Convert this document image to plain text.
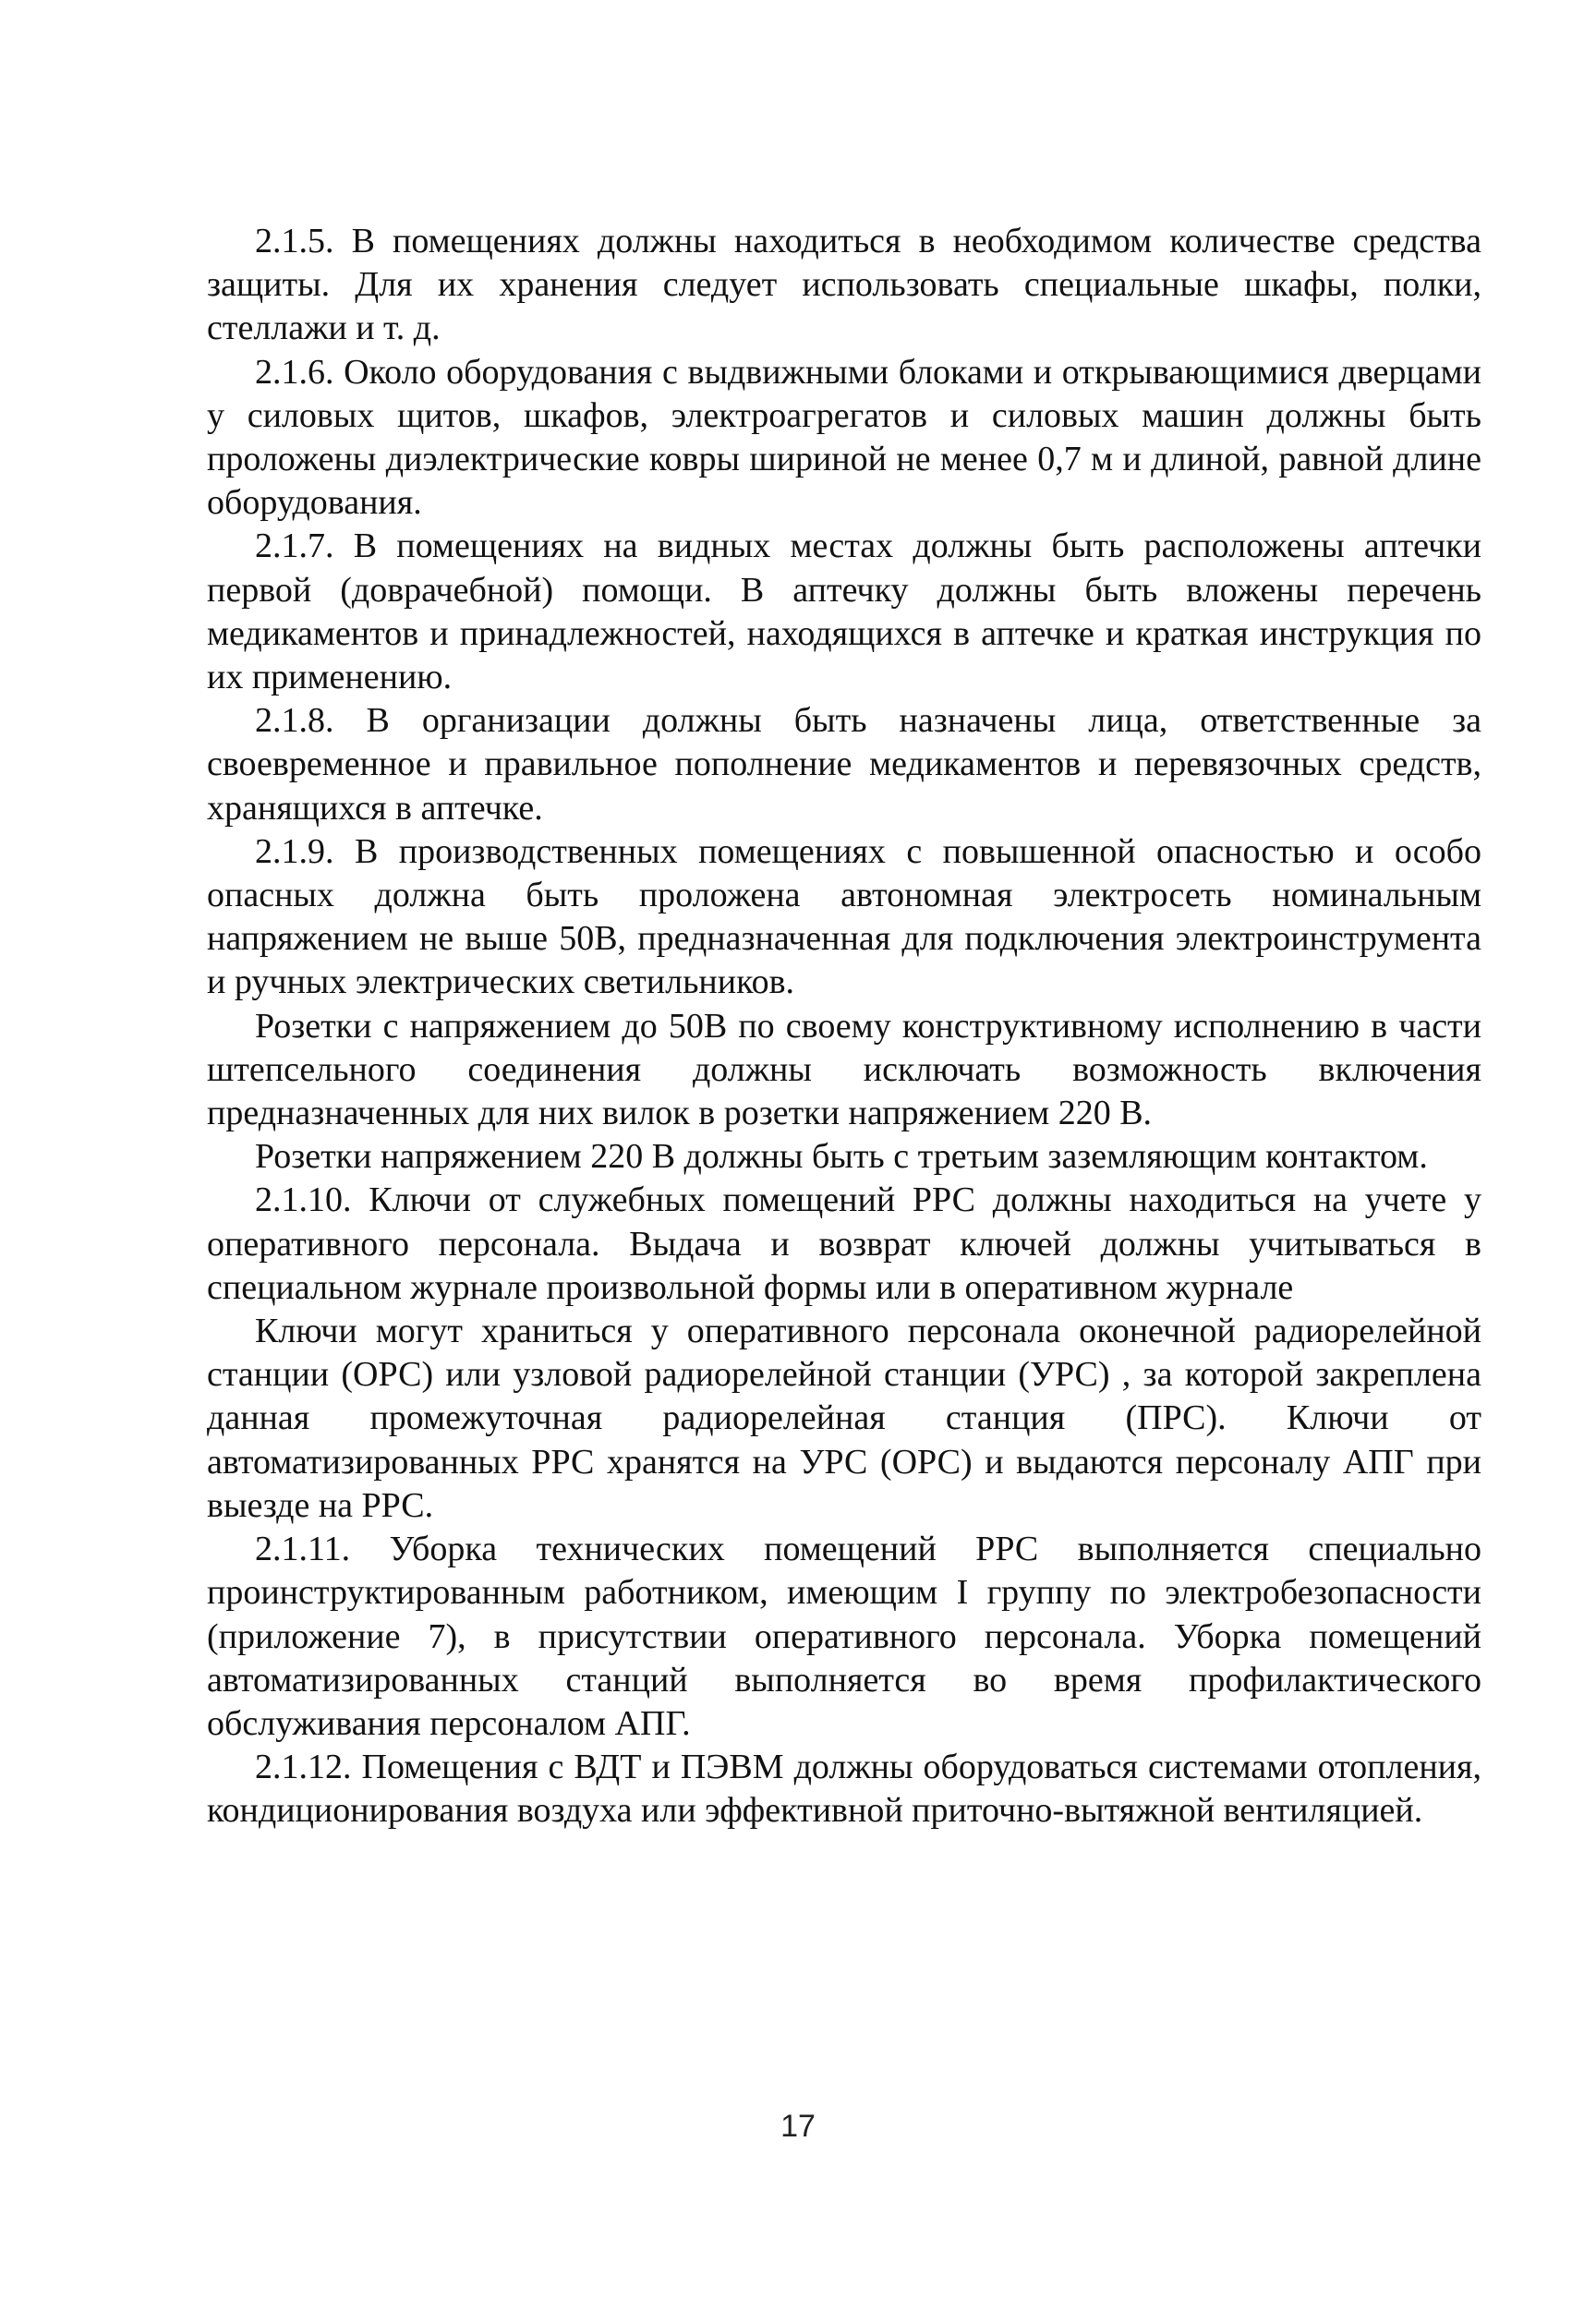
2.1.5. В помещениях должны находиться в необходимом количестве средства защиты. Для их хранения следует использовать специальные шкафы, полки, стеллажи и т. д.

2.1.6. Около оборудования с выдвижными блоками и открывающимися дверцами у силовых щитов, шкафов, электроагрегатов и силовых машин должны быть проложены диэлектрические ковры шириной не менее 0,7 м и длиной, равной длине оборудования.

2.1.7. В помещениях на видных местах должны быть расположены аптечки первой (доврачебной) помощи. В аптечку должны быть вложены перечень медикаментов и принадлежностей, находящихся в аптечке и краткая инструкция по их применению.

2.1.8. В организации должны быть назначены лица, ответственные за своевременное и правильное пополнение медикаментов и перевязочных средств, хранящихся в аптечке.

2.1.9. В производственных помещениях с повышенной опасностью и особо опасных должна быть проложена автономная электросеть номинальным напряжением не выше 50В, предназначенная для подключения электроинструмента и ручных электрических светильников.

Розетки с напряжением до 50В по своему конструктивному исполнению в части штепсельного соединения должны исключать возможность включения предназначенных для них вилок в розетки напряжением 220 В.

Розетки напряжением 220 В должны быть с третьим заземляющим контактом.

2.1.10. Ключи от служебных помещений РРС должны находиться на учете у оперативного персонала. Выдача и возврат ключей должны учитываться в специальном журнале произвольной формы или в оперативном журнале

Ключи могут храниться у оперативного персонала оконечной радиорелейной станции (ОРС) или узловой радиорелейной станции (УРС) , за которой закреплена данная промежуточная радиорелейная станция (ПРС). Ключи от автоматизированных РРС хранятся на УРС (ОРС) и выдаются персоналу АПГ при выезде на РРС.

2.1.11. Уборка технических помещений РРС выполняется специально проинструктированным работником, имеющим I группу по электробезопасности (приложение 7), в присутствии оперативного персонала. Уборка помещений автоматизированных станций выполняется во время профилактического обслуживания персоналом АПГ.

2.1.12. Помещения с ВДТ и ПЭВМ должны оборудоваться системами отопления, кондиционирования воздуха или эффективной приточно-вытяжной вентиляцией.

17
